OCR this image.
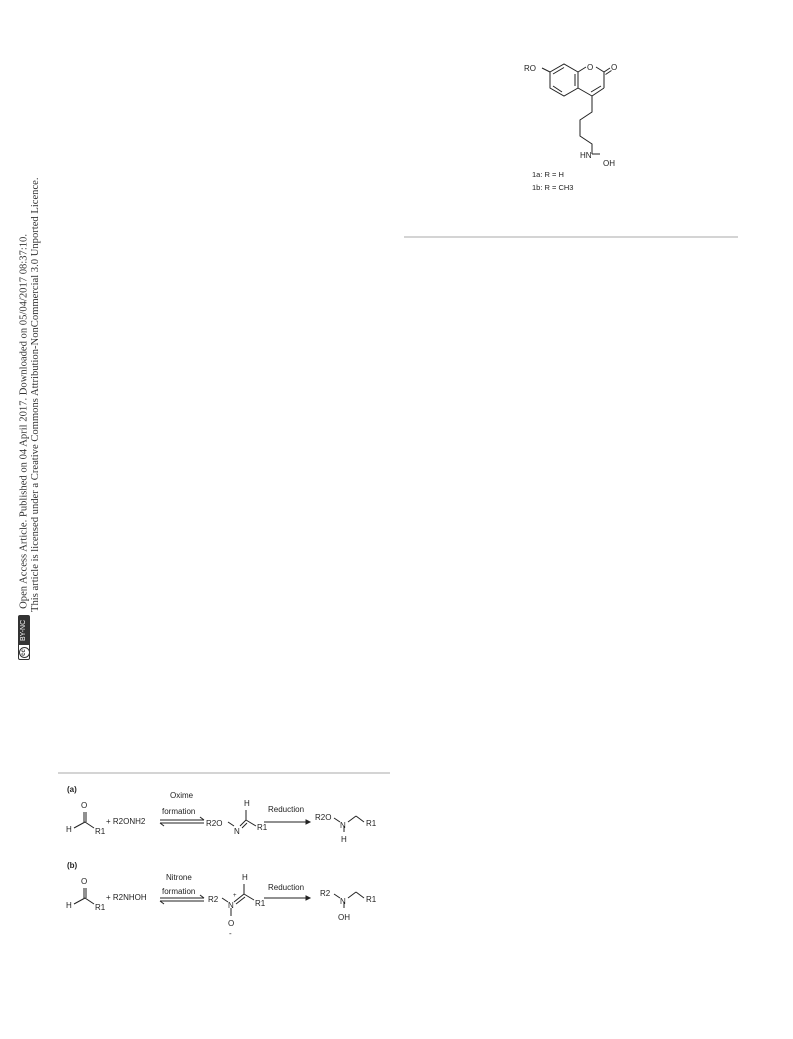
ccBY-NCOpen Access Article. Published on 04 April 2017. Downloaded on 05/04/2017 08:37:10. This article is licensed under a Creative Commons Attribution-NonCommercial 3.0 Unported Licence.
RO	O O
HN
OH
1a: R = H
1b: R = CH3
(a)
O
H	R1
+ R2ONH2
Oxime
formation
H
R2O
N R1
Reduction
R2O
N	R1
H
(b)
O
H	R1
+ R2NHOH
Nitrone
formation
H
R2
N
+
R1
O
-
Reduction
R2
N	R1
OH
